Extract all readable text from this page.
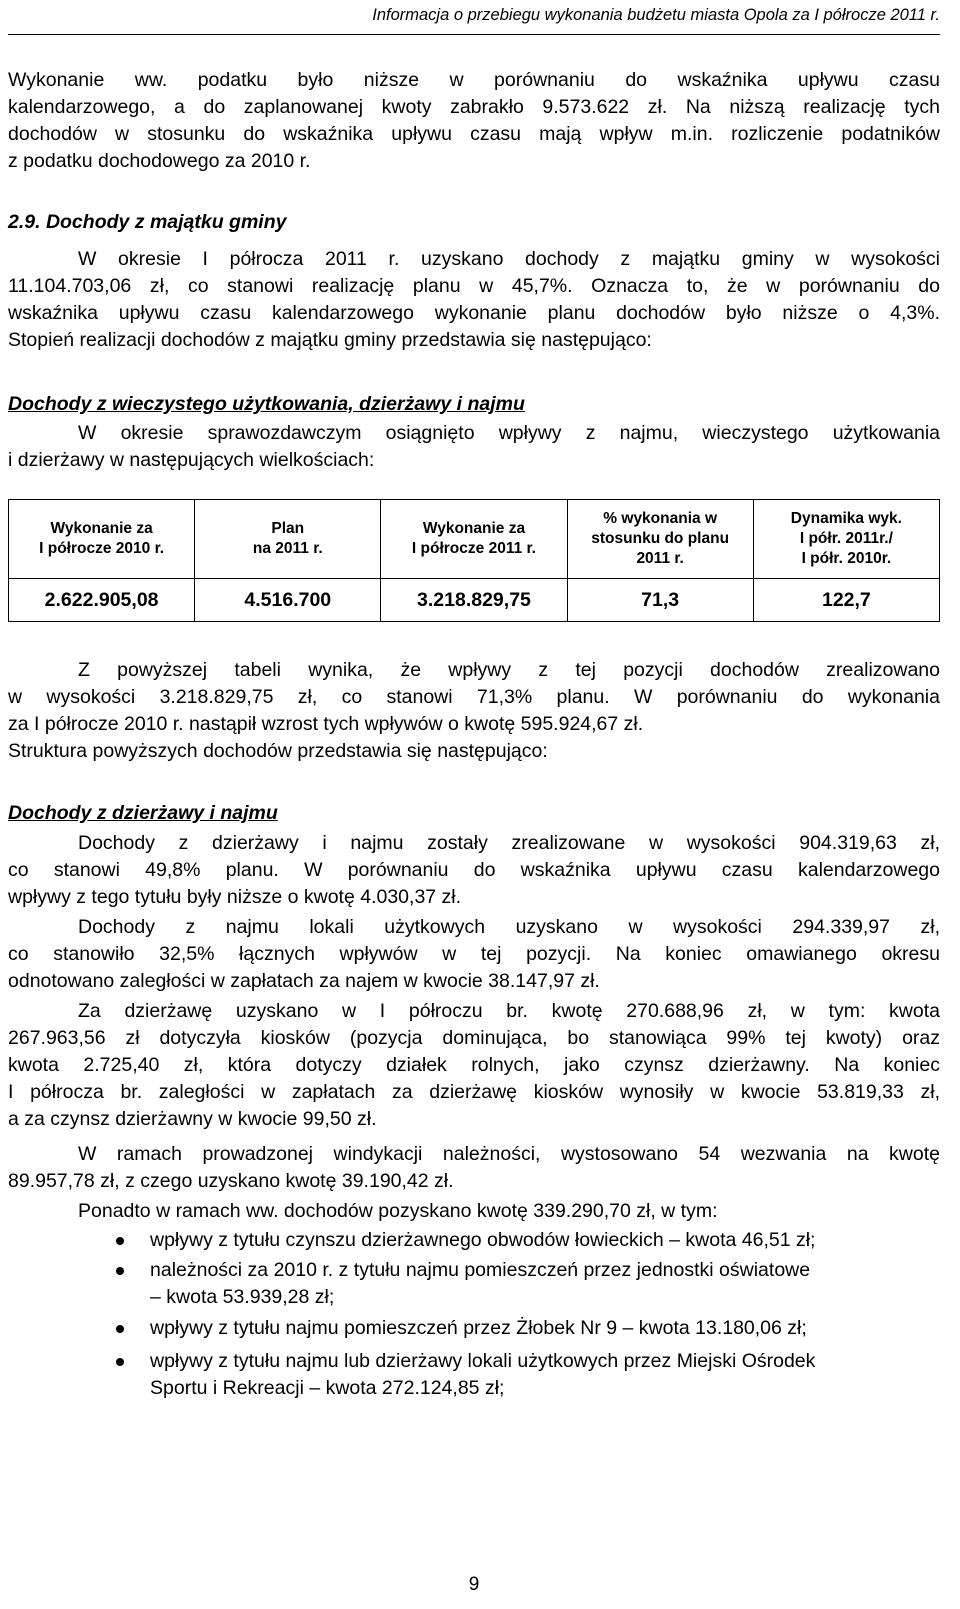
Informacja o przebiegu wykonania budżetu miasta Opola za I półrocze 2011 r.

Wykonanie ww. podatku było niższe w porównaniu do wskaźnika upływu czasu

kalendarzowego, a do zaplanowanej kwoty zabrakło 9.573.622 zł. Na niższą realizację tych

dochodów w stosunku do wskaźnika upływu czasu mają wpływ m.in. rozliczenie podatników

z podatku dochodowego za 2010 r.

2.9. Dochody z majątku gminy

W okresie I półrocza 2011 r. uzyskano dochody z majątku gminy w wysokości

11.104.703,06 zł, co stanowi realizację planu w 45,7%. Oznacza to, że w porównaniu do

wskaźnika upływu czasu kalendarzowego wykonanie planu dochodów było niższe o 4,3%.

Stopień realizacji dochodów z majątku gminy przedstawia się następująco:

Dochody z wieczystego użytkowania, dzierżawy i najmu

W okresie sprawozdawczym osiągnięto wpływy z najmu, wieczystego użytkowania

i dzierżawy w następujących wielkościach:

Wykonanie za
I półrocze 2010 r.	Plan
na 2011 r.	Wykonanie za
I półrocze 2011 r.	% wykonania w
stosunku do planu
2011 r.	Dynamika wyk.
I półr. 2011r./
I półr. 2010r.
2.622.905,08	4.516.700	3.218.829,75	71,3	122,7

Z powyższej tabeli wynika, że wpływy z tej pozycji dochodów zrealizowano

w wysokości 3.218.829,75 zł, co stanowi 71,3% planu. W porównaniu do wykonania

za I półrocze 2010 r. nastąpił wzrost tych wpływów o kwotę 595.924,67 zł.

Struktura powyższych dochodów przedstawia się następująco:

Dochody z dzierżawy i najmu

Dochody z dzierżawy i najmu zostały zrealizowane w wysokości 904.319,63 zł,

co stanowi 49,8% planu. W porównaniu do wskaźnika upływu czasu kalendarzowego

wpływy z tego tytułu były niższe o kwotę 4.030,37 zł.

Dochody z najmu lokali użytkowych uzyskano w wysokości 294.339,97 zł,

co stanowiło 32,5% łącznych wpływów w tej pozycji. Na koniec omawianego okresu

odnotowano zaległości w zapłatach za najem w kwocie 38.147,97 zł.

Za dzierżawę uzyskano w I półroczu br. kwotę 270.688,96 zł, w tym: kwota

267.963,56 zł dotyczyła kiosków (pozycja dominująca, bo stanowiąca 99% tej kwoty) oraz

kwota 2.725,40 zł, która dotyczy działek rolnych, jako czynsz dzierżawny. Na koniec

I półrocza br. zaległości w zapłatach za dzierżawę kiosków wynosiły w kwocie 53.819,33 zł,

a za czynsz dzierżawny w kwocie 99,50 zł.

W ramach prowadzonej windykacji należności, wystosowano 54 wezwania na kwotę

89.957,78 zł, z czego uzyskano kwotę 39.190,42 zł.

Ponadto w ramach ww. dochodów pozyskano kwotę 339.290,70 zł, w tym:

wpływy z tytułu czynszu dzierżawnego obwodów łowieckich – kwota 46,51 zł;
należności za 2010 r. z tytułu najmu pomieszczeń przez jednostki oświatowe
– kwota 53.939,28 zł;
wpływy z tytułu najmu pomieszczeń przez Żłobek Nr 9 – kwota 13.180,06 zł;
wpływy z tytułu najmu lub dzierżawy lokali użytkowych przez Miejski Ośrodek
Sportu i Rekreacji – kwota 272.124,85 zł;
9
